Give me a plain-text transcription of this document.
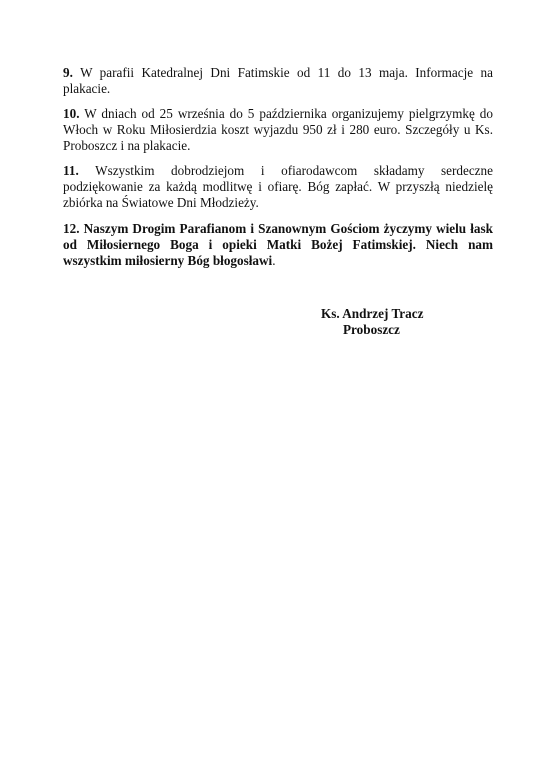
9. W parafii Katedralnej Dni Fatimskie od 11 do 13 maja. Informacje na plakacie.

10. W dniach od 25 września do 5 października organizujemy pielgrzymkę do Włoch w Roku Miłosierdzia koszt wyjazdu 950 zł i 280 euro. Szczegóły u Ks. Proboszcz i na plakacie.

11. Wszystkim dobrodziejom i ofiarodawcom składamy serdeczne podziękowanie za każdą modlitwę i ofiarę. Bóg zapłać. W przyszłą niedzielę zbiórka na Światowe Dni Młodzieży.

12. Naszym Drogim Parafianom i Szanownym Gościom życzymy wielu łask od Miłosiernego Boga i opieki Matki Bożej Fatimskiej. Niech nam wszystkim miłosierny Bóg błogosławi.

Ks. Andrzej Tracz
Proboszcz
